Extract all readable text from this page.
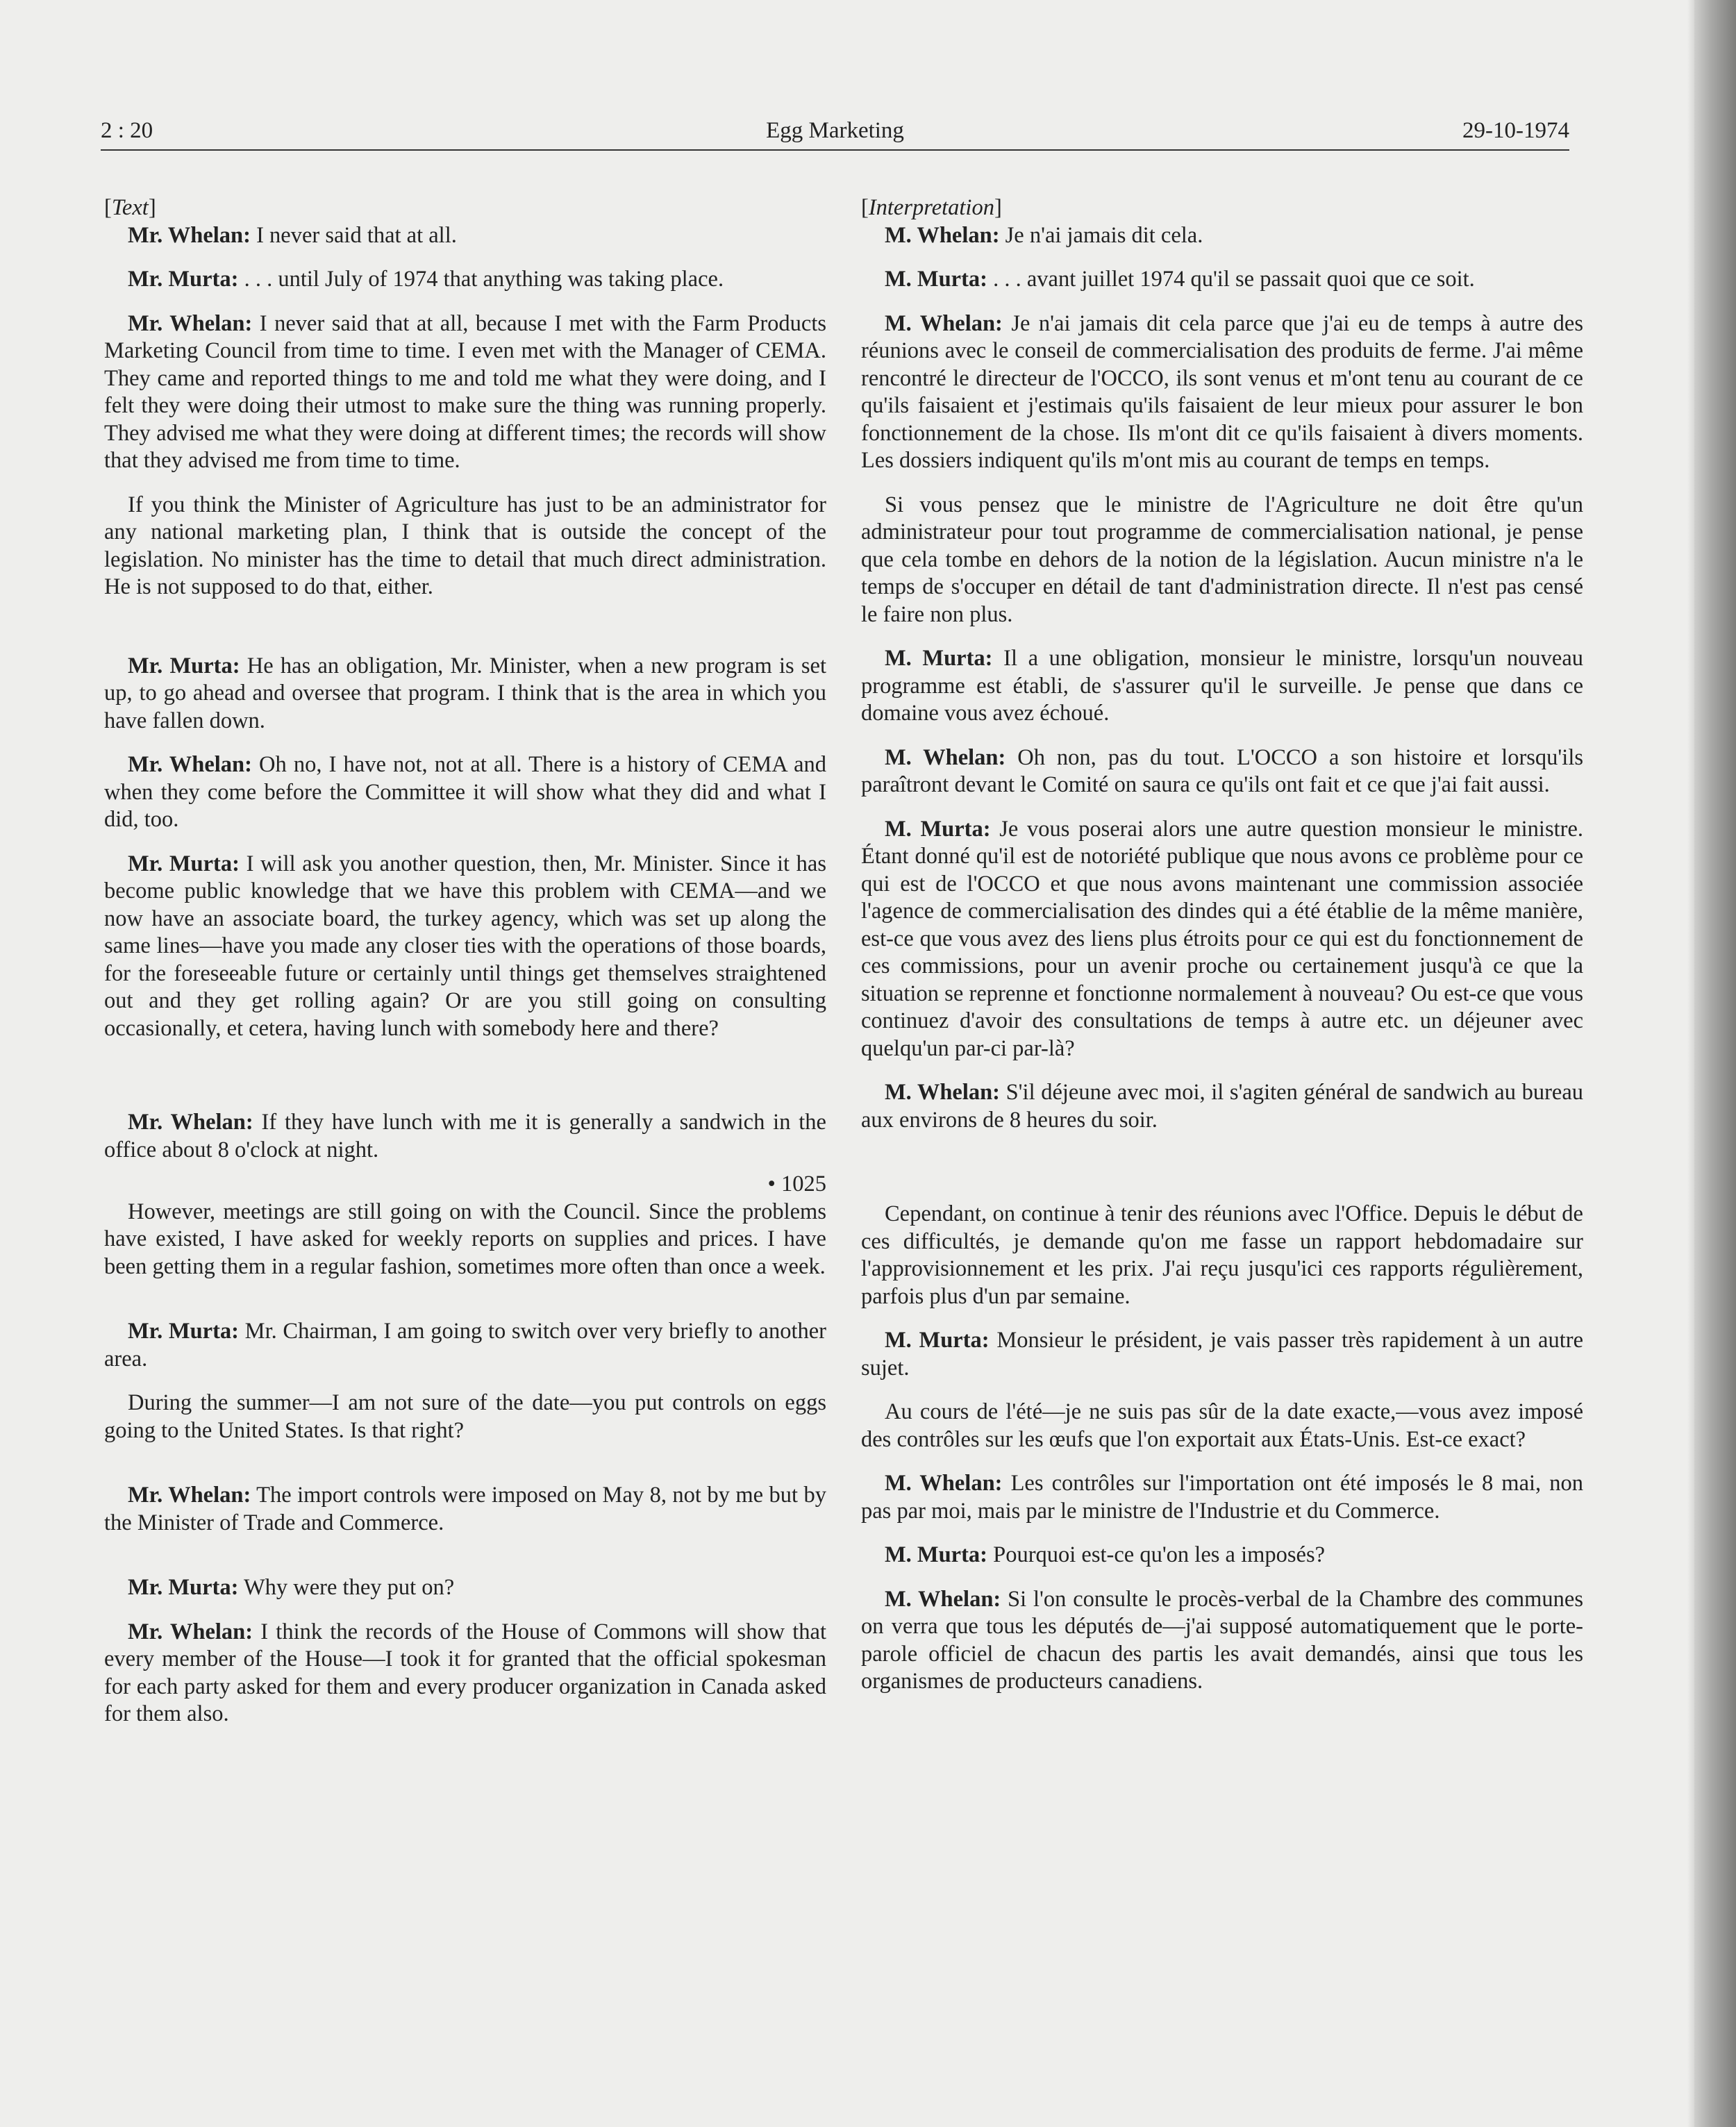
2 : 20	Egg Marketing	29-10-1974

[Text]

Mr. Whelan: I never said that at all.

Mr. Murta: . . . until July of 1974 that anything was taking place.

Mr. Whelan: I never said that at all, because I met with the Farm Products Marketing Council from time to time. I even met with the Manager of CEMA. They came and reported things to me and told me what they were doing, and I felt they were doing their utmost to make sure the thing was running properly. They advised me what they were doing at different times; the records will show that they advised me from time to time.

If you think the Minister of Agriculture has just to be an administrator for any national marketing plan, I think that is outside the concept of the legislation. No minister has the time to detail that much direct administration. He is not supposed to do that, either.

Mr. Murta: He has an obligation, Mr. Minister, when a new program is set up, to go ahead and oversee that program. I think that is the area in which you have fallen down.

Mr. Whelan: Oh no, I have not, not at all. There is a history of CEMA and when they come before the Committee it will show what they did and what I did, too.

Mr. Murta: I will ask you another question, then, Mr. Minister. Since it has become public knowledge that we have this problem with CEMA—and we now have an associate board, the turkey agency, which was set up along the same lines—have you made any closer ties with the operations of those boards, for the foreseeable future or certainly until things get themselves straightened out and they get rolling again? Or are you still going on consulting occasionally, et cetera, having lunch with somebody here and there?

Mr. Whelan: If they have lunch with me it is generally a sandwich in the office about 8 o'clock at night.

• 1025

However, meetings are still going on with the Council. Since the problems have existed, I have asked for weekly reports on supplies and prices. I have been getting them in a regular fashion, sometimes more often than once a week.

Mr. Murta: Mr. Chairman, I am going to switch over very briefly to another area.

During the summer—I am not sure of the date—you put controls on eggs going to the United States. Is that right?

Mr. Whelan: The import controls were imposed on May 8, not by me but by the Minister of Trade and Commerce.

Mr. Murta: Why were they put on?

Mr. Whelan: I think the records of the House of Commons will show that every member of the House—I took it for granted that the official spokesman for each party asked for them and every producer organization in Canada asked for them also.

[Interpretation]

M. Whelan: Je n'ai jamais dit cela.

M. Murta: . . . avant juillet 1974 qu'il se passait quoi que ce soit.

M. Whelan: Je n'ai jamais dit cela parce que j'ai eu de temps à autre des réunions avec le conseil de commercialisation des produits de ferme. J'ai même rencontré le directeur de l'OCCO, ils sont venus et m'ont tenu au courant de ce qu'ils faisaient et j'estimais qu'ils faisaient de leur mieux pour assurer le bon fonctionnement de la chose. Ils m'ont dit ce qu'ils faisaient à divers moments. Les dossiers indiquent qu'ils m'ont mis au courant de temps en temps.

Si vous pensez que le ministre de l'Agriculture ne doit être qu'un administrateur pour tout programme de commercialisation national, je pense que cela tombe en dehors de la notion de la législation. Aucun ministre n'a le temps de s'occuper en détail de tant d'administration directe. Il n'est pas censé le faire non plus.

M. Murta: Il a une obligation, monsieur le ministre, lorsqu'un nouveau programme est établi, de s'assurer qu'il le surveille. Je pense que dans ce domaine vous avez échoué.

M. Whelan: Oh non, pas du tout. L'OCCO a son histoire et lorsqu'ils paraîtront devant le Comité on saura ce qu'ils ont fait et ce que j'ai fait aussi.

M. Murta: Je vous poserai alors une autre question monsieur le ministre. Étant donné qu'il est de notoriété publique que nous avons ce problème pour ce qui est de l'OCCO et que nous avons maintenant une commission associée l'agence de commercialisation des dindes qui a été établie de la même manière, est-ce que vous avez des liens plus étroits pour ce qui est du fonctionnement de ces commissions, pour un avenir proche ou certainement jusqu'à ce que la situation se reprenne et fonctionne normalement à nouveau? Ou est-ce que vous continuez d'avoir des consultations de temps à autre etc. un déjeuner avec quelqu'un par-ci par-là?

M. Whelan: S'il déjeune avec moi, il s'agiten général de sandwich au bureau aux environs de 8 heures du soir.

Cependant, on continue à tenir des réunions avec l'Office. Depuis le début de ces difficultés, je demande qu'on me fasse un rapport hebdomadaire sur l'approvisionnement et les prix. J'ai reçu jusqu'ici ces rapports régulièrement, parfois plus d'un par semaine.

M. Murta: Monsieur le président, je vais passer très rapidement à un autre sujet.

Au cours de l'été—je ne suis pas sûr de la date exacte,—vous avez imposé des contrôles sur les œufs que l'on exportait aux États-Unis. Est-ce exact?

M. Whelan: Les contrôles sur l'importation ont été imposés le 8 mai, non pas par moi, mais par le ministre de l'Industrie et du Commerce.

M. Murta: Pourquoi est-ce qu'on les a imposés?

M. Whelan: Si l'on consulte le procès-verbal de la Chambre des communes on verra que tous les députés de—j'ai supposé automatiquement que le porte-parole officiel de chacun des partis les avait demandés, ainsi que tous les organismes de producteurs canadiens.
